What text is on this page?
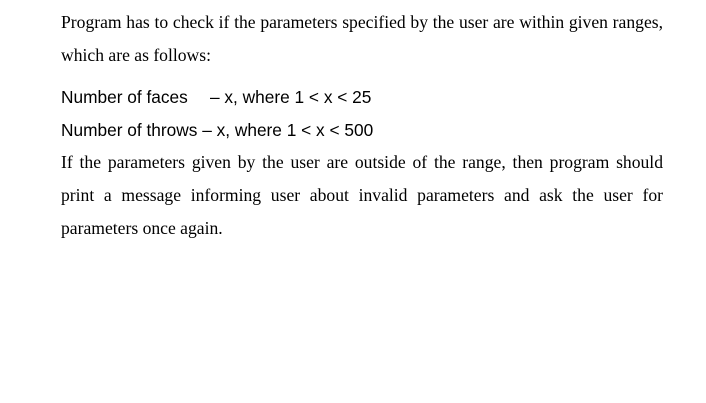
Program has to check if the parameters specified by the user are within given ranges, which are as follows:

Number of faces – x, where 1 < x < 25

Number of throws – x, where 1 < x < 500

If the parameters given by the user are outside of the range, then program should print a message informing user about invalid parameters and ask the user for parameters once again.
